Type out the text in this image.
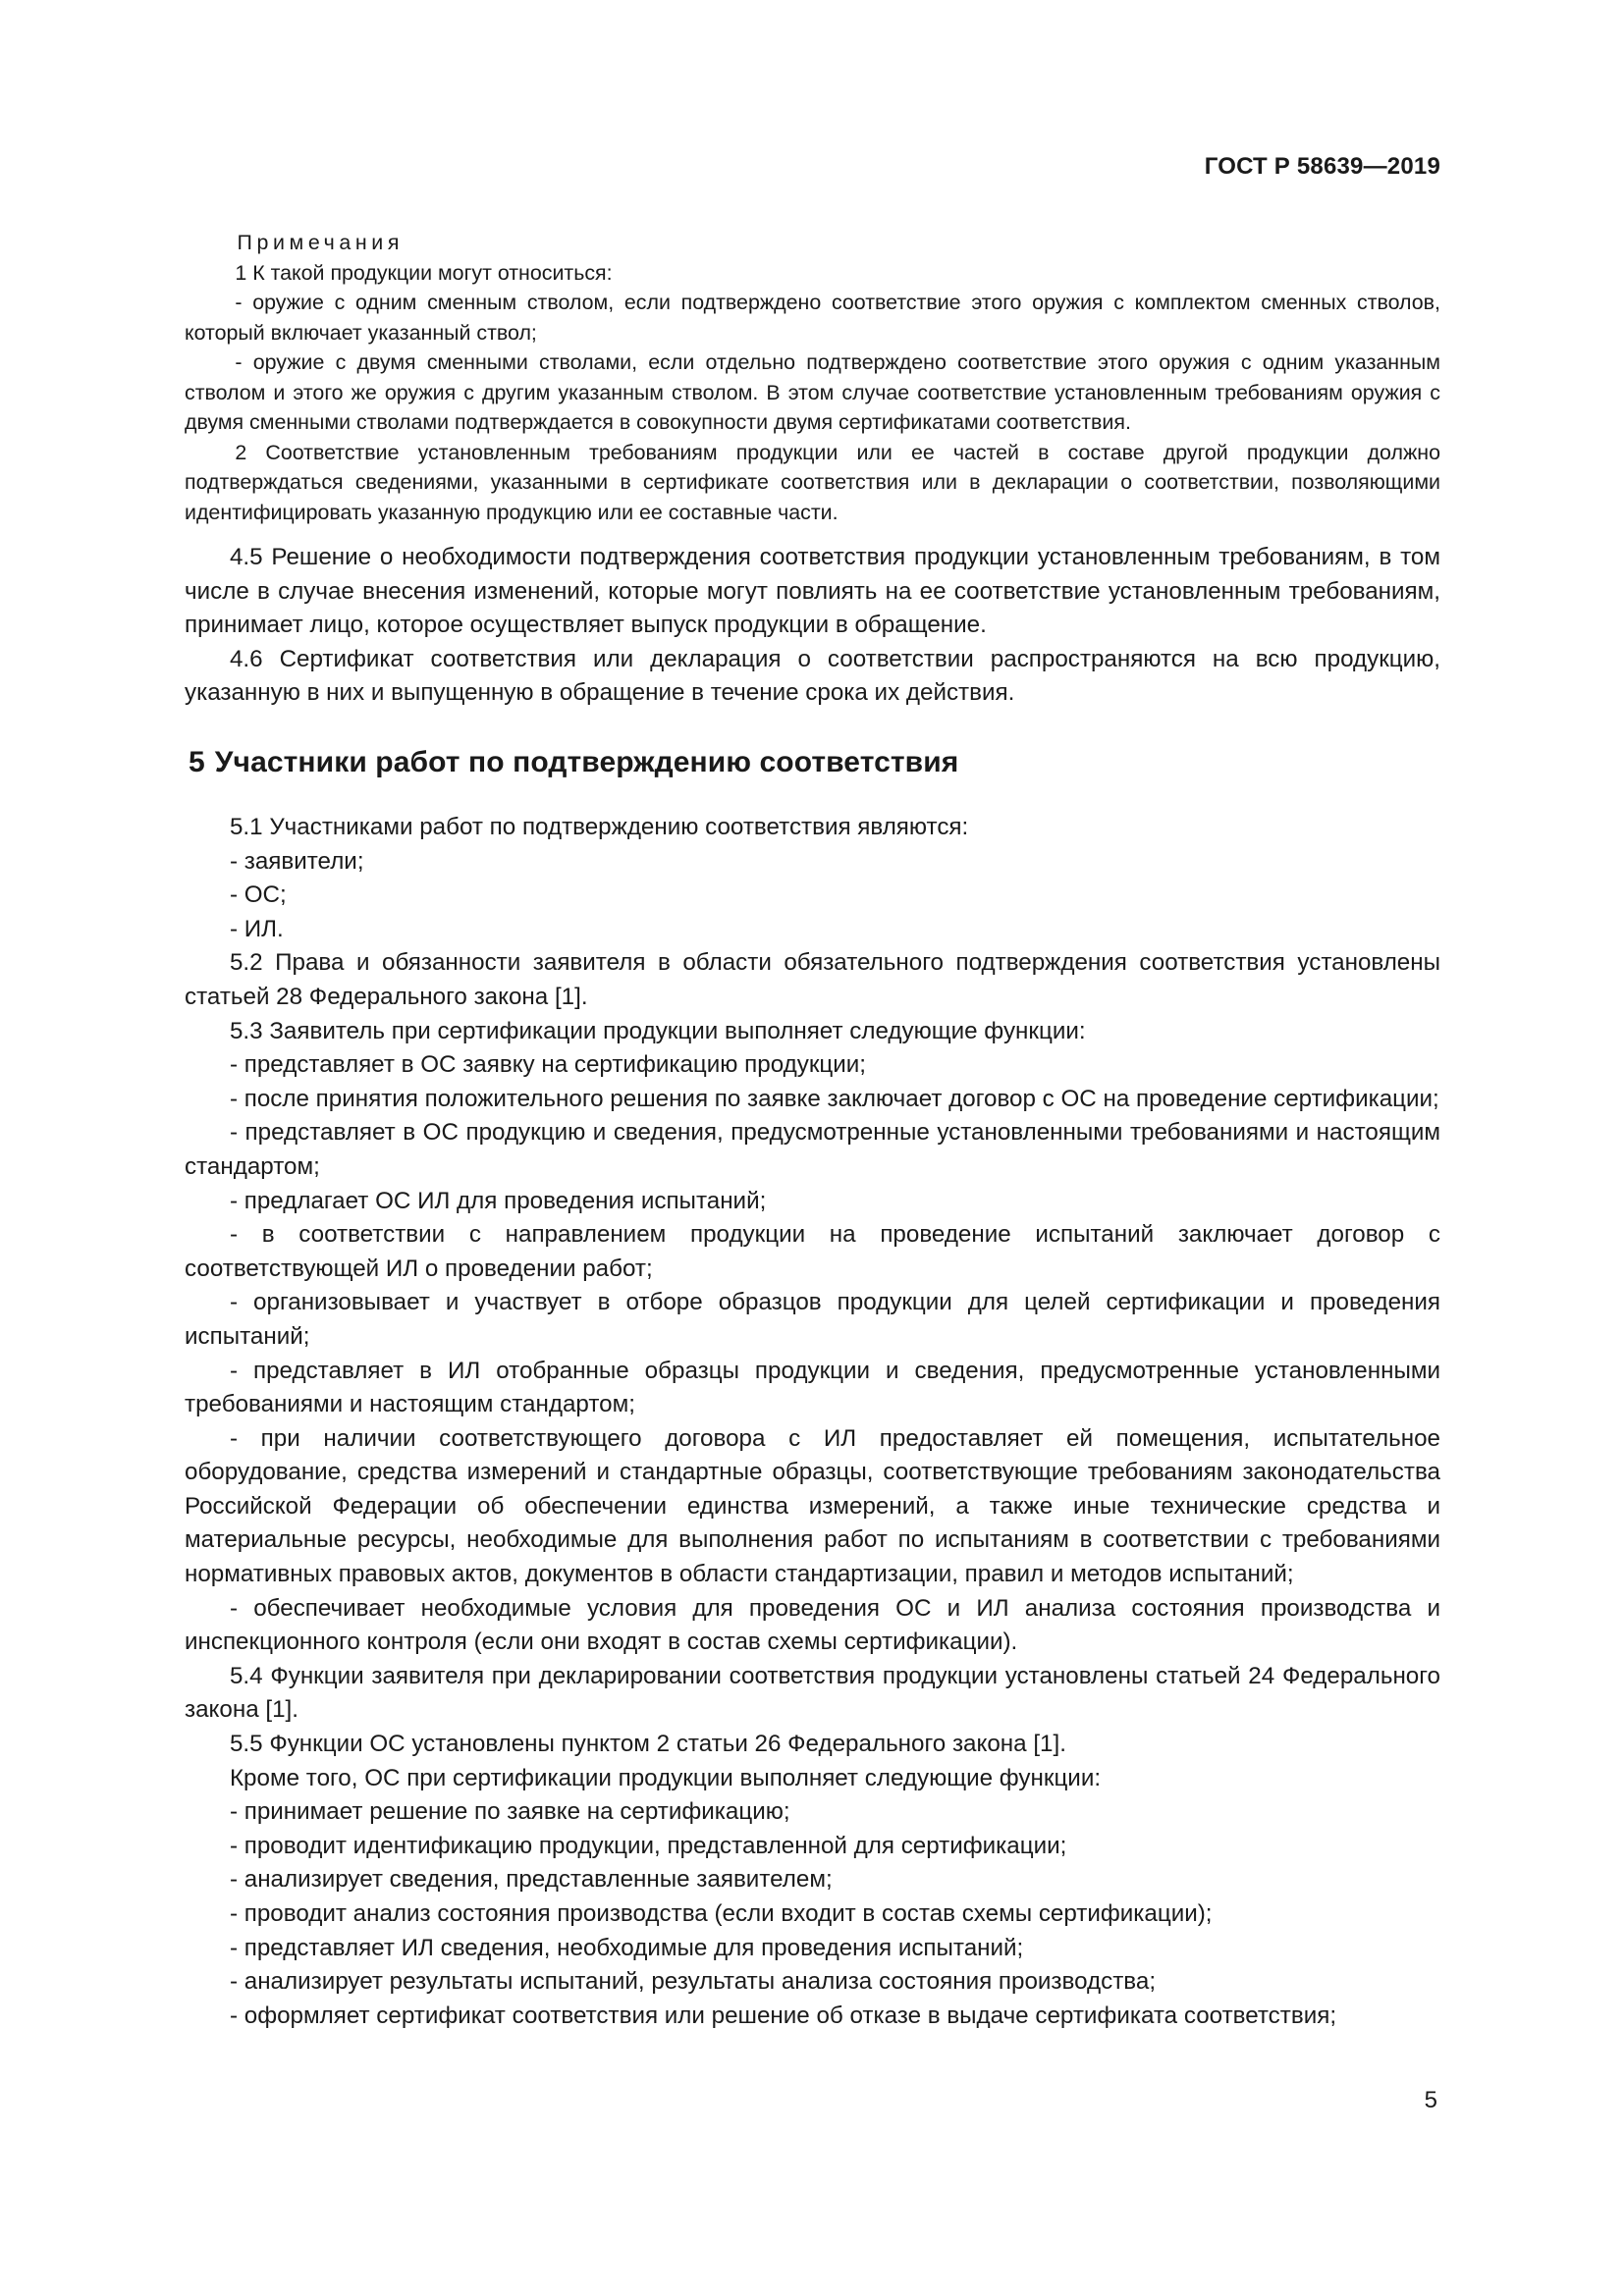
ГОСТ Р 58639—2019

Примечания

1 К такой продукции могут относиться:

- оружие с одним сменным стволом, если подтверждено соответствие этого оружия с комплектом сменных стволов, который включает указанный ствол;

- оружие с двумя сменными стволами, если отдельно подтверждено соответствие этого оружия с одним указанным стволом и этого же оружия с другим указанным стволом. В этом случае соответствие установленным требованиям оружия с двумя сменными стволами подтверждается в совокупности двумя сертификатами соответствия.

2 Соответствие установленным требованиям продукции или ее частей в составе другой продукции должно подтверждаться сведениями, указанными в сертификате соответствия или в декларации о соответствии, позволяющими идентифицировать указанную продукцию или ее составные части.

4.5 Решение о необходимости подтверждения соответствия продукции установленным требованиям, в том числе в случае внесения изменений, которые могут повлиять на ее соответствие установленным требованиям, принимает лицо, которое осуществляет выпуск продукции в обращение.

4.6 Сертификат соответствия или декларация о соответствии распространяются на всю продукцию, указанную в них и выпущенную в обращение в течение срока их действия.

5 Участники работ по подтверждению соответствия

5.1 Участниками работ по подтверждению соответствия являются:

- заявители;

- ОС;

- ИЛ.

5.2 Права и обязанности заявителя в области обязательного подтверждения соответствия установлены статьей 28 Федерального закона [1].

5.3 Заявитель при сертификации продукции выполняет следующие функции:

- представляет в ОС заявку на сертификацию продукции;

- после принятия положительного решения по заявке заключает договор с ОС на проведение сертификации;

- представляет в ОС продукцию и сведения, предусмотренные установленными требованиями и настоящим стандартом;

- предлагает ОС ИЛ для проведения испытаний;

- в соответствии с направлением продукции на проведение испытаний заключает договор с соответствующей ИЛ о проведении работ;

- организовывает и участвует в отборе образцов продукции для целей сертификации и проведения испытаний;

- представляет в ИЛ отобранные образцы продукции и сведения, предусмотренные установленными требованиями и настоящим стандартом;

- при наличии соответствующего договора с ИЛ предоставляет ей помещения, испытательное оборудование, средства измерений и стандартные образцы, соответствующие требованиям законодательства Российской Федерации об обеспечении единства измерений, а также иные технические средства и материальные ресурсы, необходимые для выполнения работ по испытаниям в соответствии с требованиями нормативных правовых актов, документов в области стандартизации, правил и методов испытаний;

- обеспечивает необходимые условия для проведения ОС и ИЛ анализа состояния производства и инспекционного контроля (если они входят в состав схемы сертификации).

5.4 Функции заявителя при декларировании соответствия продукции установлены статьей 24 Федерального закона [1].

5.5 Функции ОС установлены пунктом 2 статьи 26 Федерального закона [1].

Кроме того, ОС при сертификации продукции выполняет следующие функции:

- принимает решение по заявке на сертификацию;

- проводит идентификацию продукции, представленной для сертификации;

- анализирует сведения, представленные заявителем;

- проводит анализ состояния производства (если входит в состав схемы сертификации);

- представляет ИЛ сведения, необходимые для проведения испытаний;

- анализирует результаты испытаний, результаты анализа состояния производства;

- оформляет сертификат соответствия или решение об отказе в выдаче сертификата соответствия;

5
